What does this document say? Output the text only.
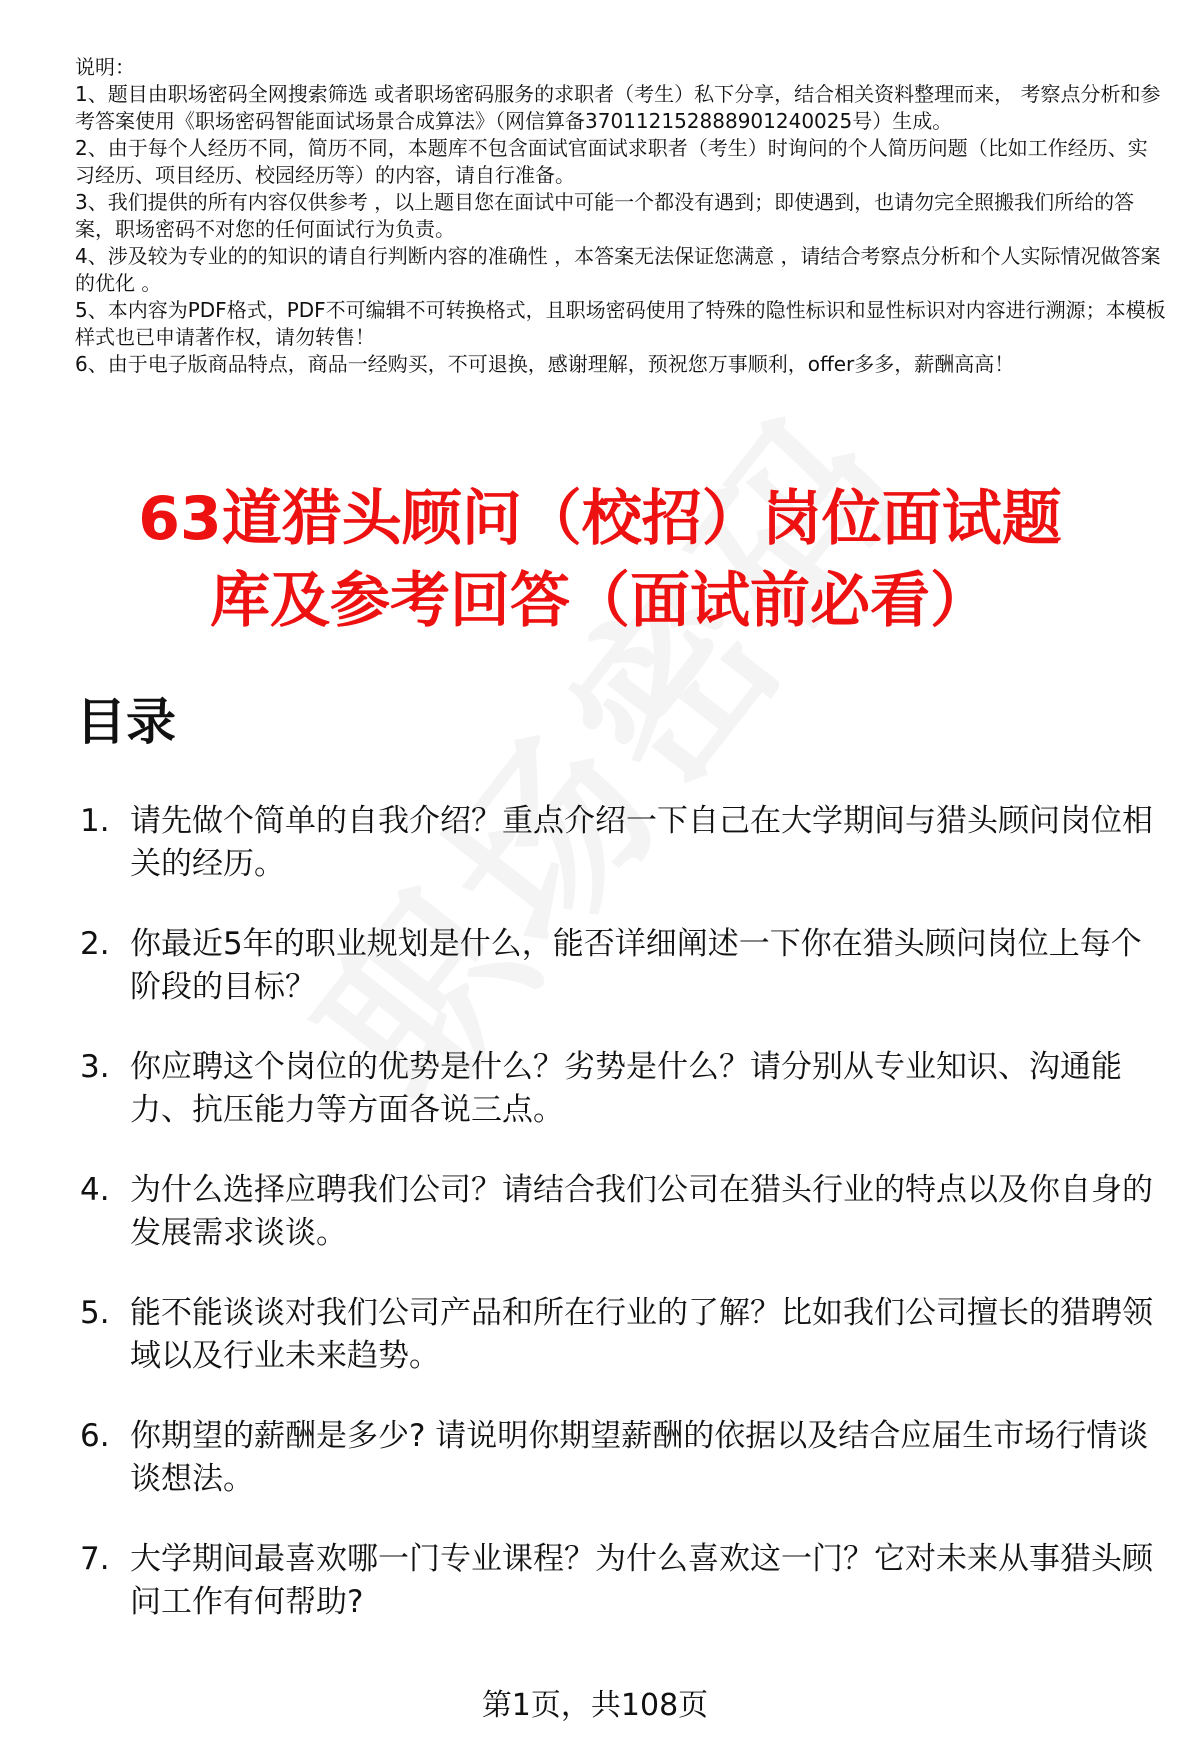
说明：

1、题目由职场密码全网搜索筛选 或者职场密码服务的求职者（考生）私下分享，结合相关资料整理而来， 考察点分析和参考答案使用《职场密码智能面试场景合成算法》（网信算备370112152888901240025号）生成。

2、由于每个人经历不同，简历不同，本题库不包含面试官面试求职者（考生）时询问的个人简历问题（比如工作经历、实习经历、项目经历、校园经历等）的内容，请自行准备。

3、我们提供的所有内容仅供参考 ，以上题目您在面试中可能一个都没有遇到；即使遇到，也请勿完全照搬我们所给的答案，职场密码不对您的任何面试行为负责。

4、涉及较为专业的的知识的请自行判断内容的准确性 ，本答案无法保证您满意 ，请结合考察点分析和个人实际情况做答案的优化 。

5、本内容为PDF格式，PDF不可编辑不可转换格式，且职场密码使用了特殊的隐性标识和显性标识对内容进行溯源；本模板样式也已申请著作权，请勿转售！

6、由于电子版商品特点，商品一经购买，不可退换，感谢理解，预祝您万事顺利，offer多多，薪酬高高！

63道猎头顾问（校招）岗位面试题
库及参考回答（面试前必看）
目录
1. 请先做个简单的自我介绍？重点介绍一下自己在大学期间与猎头顾问岗位相关的经历。
2. 你最近5年的职业规划是什么，能否详细阐述一下你在猎头顾问岗位上每个阶段的目标？
3. 你应聘这个岗位的优势是什么？劣势是什么？请分别从专业知识、沟通能力、抗压能力等方面各说三点。
4. 为什么选择应聘我们公司？请结合我们公司在猎头行业的特点以及你自身的发展需求谈谈。
5. 能不能谈谈对我们公司产品和所在行业的了解？比如我们公司擅长的猎聘领域以及行业未来趋势。
6. 你期望的薪酬是多少? 请说明你期望薪酬的依据以及结合应届生市场行情谈谈想法。
7. 大学期间最喜欢哪一门专业课程？为什么喜欢这一门？它对未来从事猎头顾问工作有何帮助?
第1页，共108页
